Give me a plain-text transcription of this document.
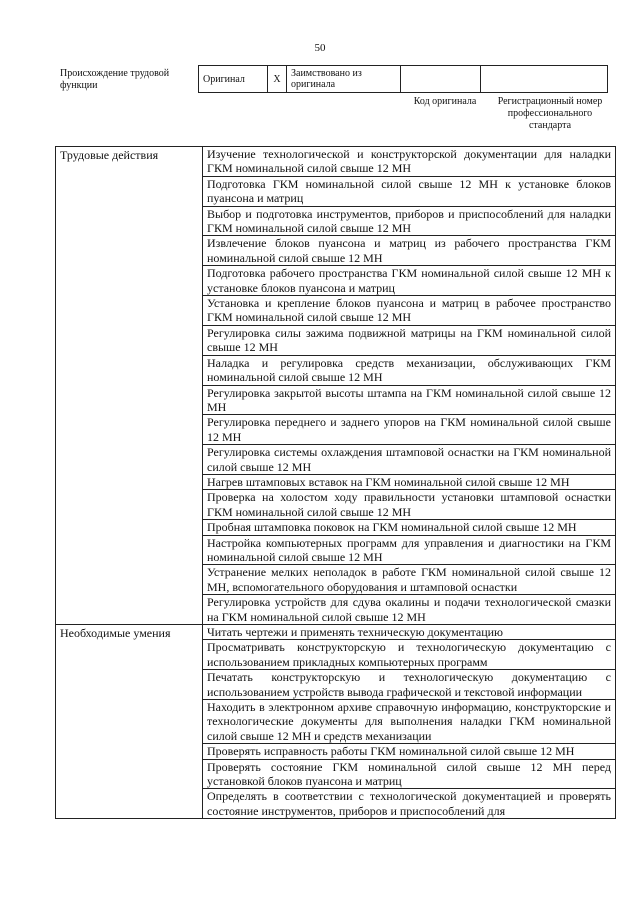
50
Происхождение трудовой функции
Оригинал	X	Заимствовано из оригинала		
Код оригинала	Регистрационный номер профессионального стандарта
Трудовые действия	Изучение технологической и конструкторской документации для наладки ГКМ номинальной силой свыше 12 МН
	Подготовка ГКМ номинальной силой свыше 12 МН к установке блоков пуансона и матриц
	Выбор и подготовка инструментов, приборов и приспособлений для наладки ГКМ номинальной силой свыше 12 МН
	Извлечение блоков пуансона и матриц из рабочего пространства ГКМ номинальной силой свыше 12 МН
	Подготовка рабочего пространства ГКМ номинальной силой свыше 12 МН к установке блоков пуансона и матриц
	Установка и крепление блоков пуансона и матриц в рабочее пространство ГКМ номинальной силой свыше 12 МН
	Регулировка силы зажима подвижной матрицы на ГКМ номинальной силой свыше 12 МН
	Наладка и регулировка средств механизации, обслуживающих ГКМ номинальной силой свыше 12 МН
	Регулировка закрытой высоты штампа на ГКМ номинальной силой свыше 12 МН
	Регулировка переднего и заднего упоров на ГКМ номинальной силой свыше 12 МН
	Регулировка системы охлаждения штамповой оснастки на ГКМ номинальной силой свыше 12 МН
	Нагрев штамповых вставок на ГКМ номинальной силой свыше 12 МН
	Проверка на холостом ходу правильности установки штамповой оснастки ГКМ номинальной силой свыше 12 МН
	Пробная штамповка поковок на ГКМ номинальной силой свыше 12 МН
	Настройка компьютерных программ для управления и диагностики на ГКМ номинальной силой свыше 12 МН
	Устранение мелких неполадок в работе ГКМ номинальной силой свыше 12 МН, вспомогательного оборудования и штамповой оснастки
	Регулировка устройств для сдува окалины и подачи технологической смазки на ГКМ номинальной силой свыше 12 МН
Необходимые умения	Читать чертежи и применять техническую документацию
	Просматривать конструкторскую и технологическую документацию с использованием прикладных компьютерных программ
	Печатать конструкторскую и технологическую документацию с использованием устройств вывода графической и текстовой информации
	Находить в электронном архиве справочную информацию, конструкторские и технологические документы для выполнения наладки ГКМ номинальной силой свыше 12 МН и средств механизации
	Проверять исправность работы ГКМ номинальной силой свыше 12 МН
	Проверять состояние ГКМ номинальной силой свыше 12 МН перед установкой блоков пуансона и матриц
	Определять в соответствии с технологической документацией и проверять состояние инструментов, приборов и приспособлений для
